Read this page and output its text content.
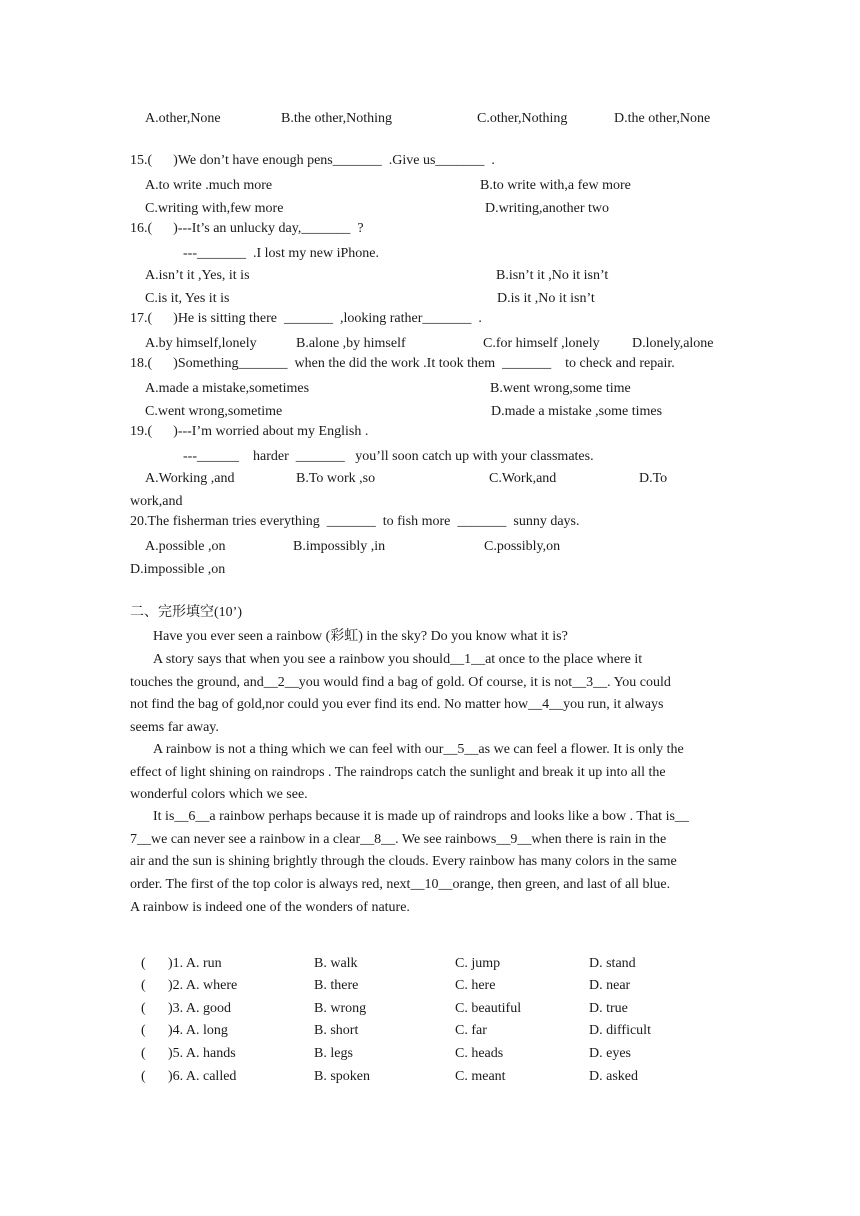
A.other,None	B.the other,Nothing	C.other,Nothing	D.the other,None
15.(      )We don’t have enough pens_______  .Give us_______  .
A.to write .much more	B.to write with,a few more
C.writing with,few more	D.writing,another two
16.(      )---It’s an unlucky day,_______  ?
---_______  .I lost my new iPhone.
A.isn’t it ,Yes, it is	B.isn’t it ,No it isn’t
C.is it, Yes it is	D.is it ,No it isn’t
17.(      )He is sitting there  _______  ,looking rather_______  .
A.by himself,lonely	B.alone ,by himself	C.for himself ,lonely D.lonely,alone
18.(      )Something_______  when the did the work .It took them  _______    to check and repair.
A.made a mistake,sometimes	B.went wrong,some time
C.went wrong,sometime	D.made a mistake ,some times
19.(      )---I’m worried about my English .
---______    harder  _______   you’ll soon catch up with your classmates.
A.Working ,and	B.To work ,so	C.Work,and	D.To
work,and
20.The fisherman tries everything  _______  to fish more  _______  sunny days.
A.possible ,on	B.impossibly ,in	C.possibly,on
D.impossible ,on
二、完形填空(10’)
Have you ever seen a rainbow (彩虹) in the sky? Do you know what it is?
A story says that when you see a rainbow you should__1__at once to the place where it
touches the ground, and__2__you would find a bag of gold. Of course, it is not__3__. You could
not find the bag of gold,nor could you ever find its end. No matter how__4__you run, it always
seems far away.
A rainbow is not a thing which we can feel with our__5__as we can feel a flower. It is only the
effect of light shining on raindrops . The raindrops catch the sunlight and break it up into all the
wonderful colors which we see.
It is__6__a rainbow perhaps because it is made up of raindrops and looks like a bow . That is__
7__we can never see a rainbow in a clear__8__. We see rainbows__9__when there is rain in the
air and the sun is shining brightly through the clouds. Every rainbow has many colors in the same
order. The first of the top color is always red, next__10__orange, then green, and last of all blue.
A rainbow is indeed one of the wonders of nature.
( )1. A. run	B. walk	C. jump	D. stand
( )2. A. where	B. there	C. here	D. near
( )3. A. good	B. wrong	C. beautiful	D. true
( )4. A. long	B. short	C. far	D. difficult
( )5. A. hands	B. legs	C. heads	D. eyes
( )6. A. called	B. spoken	C. meant	D. asked
